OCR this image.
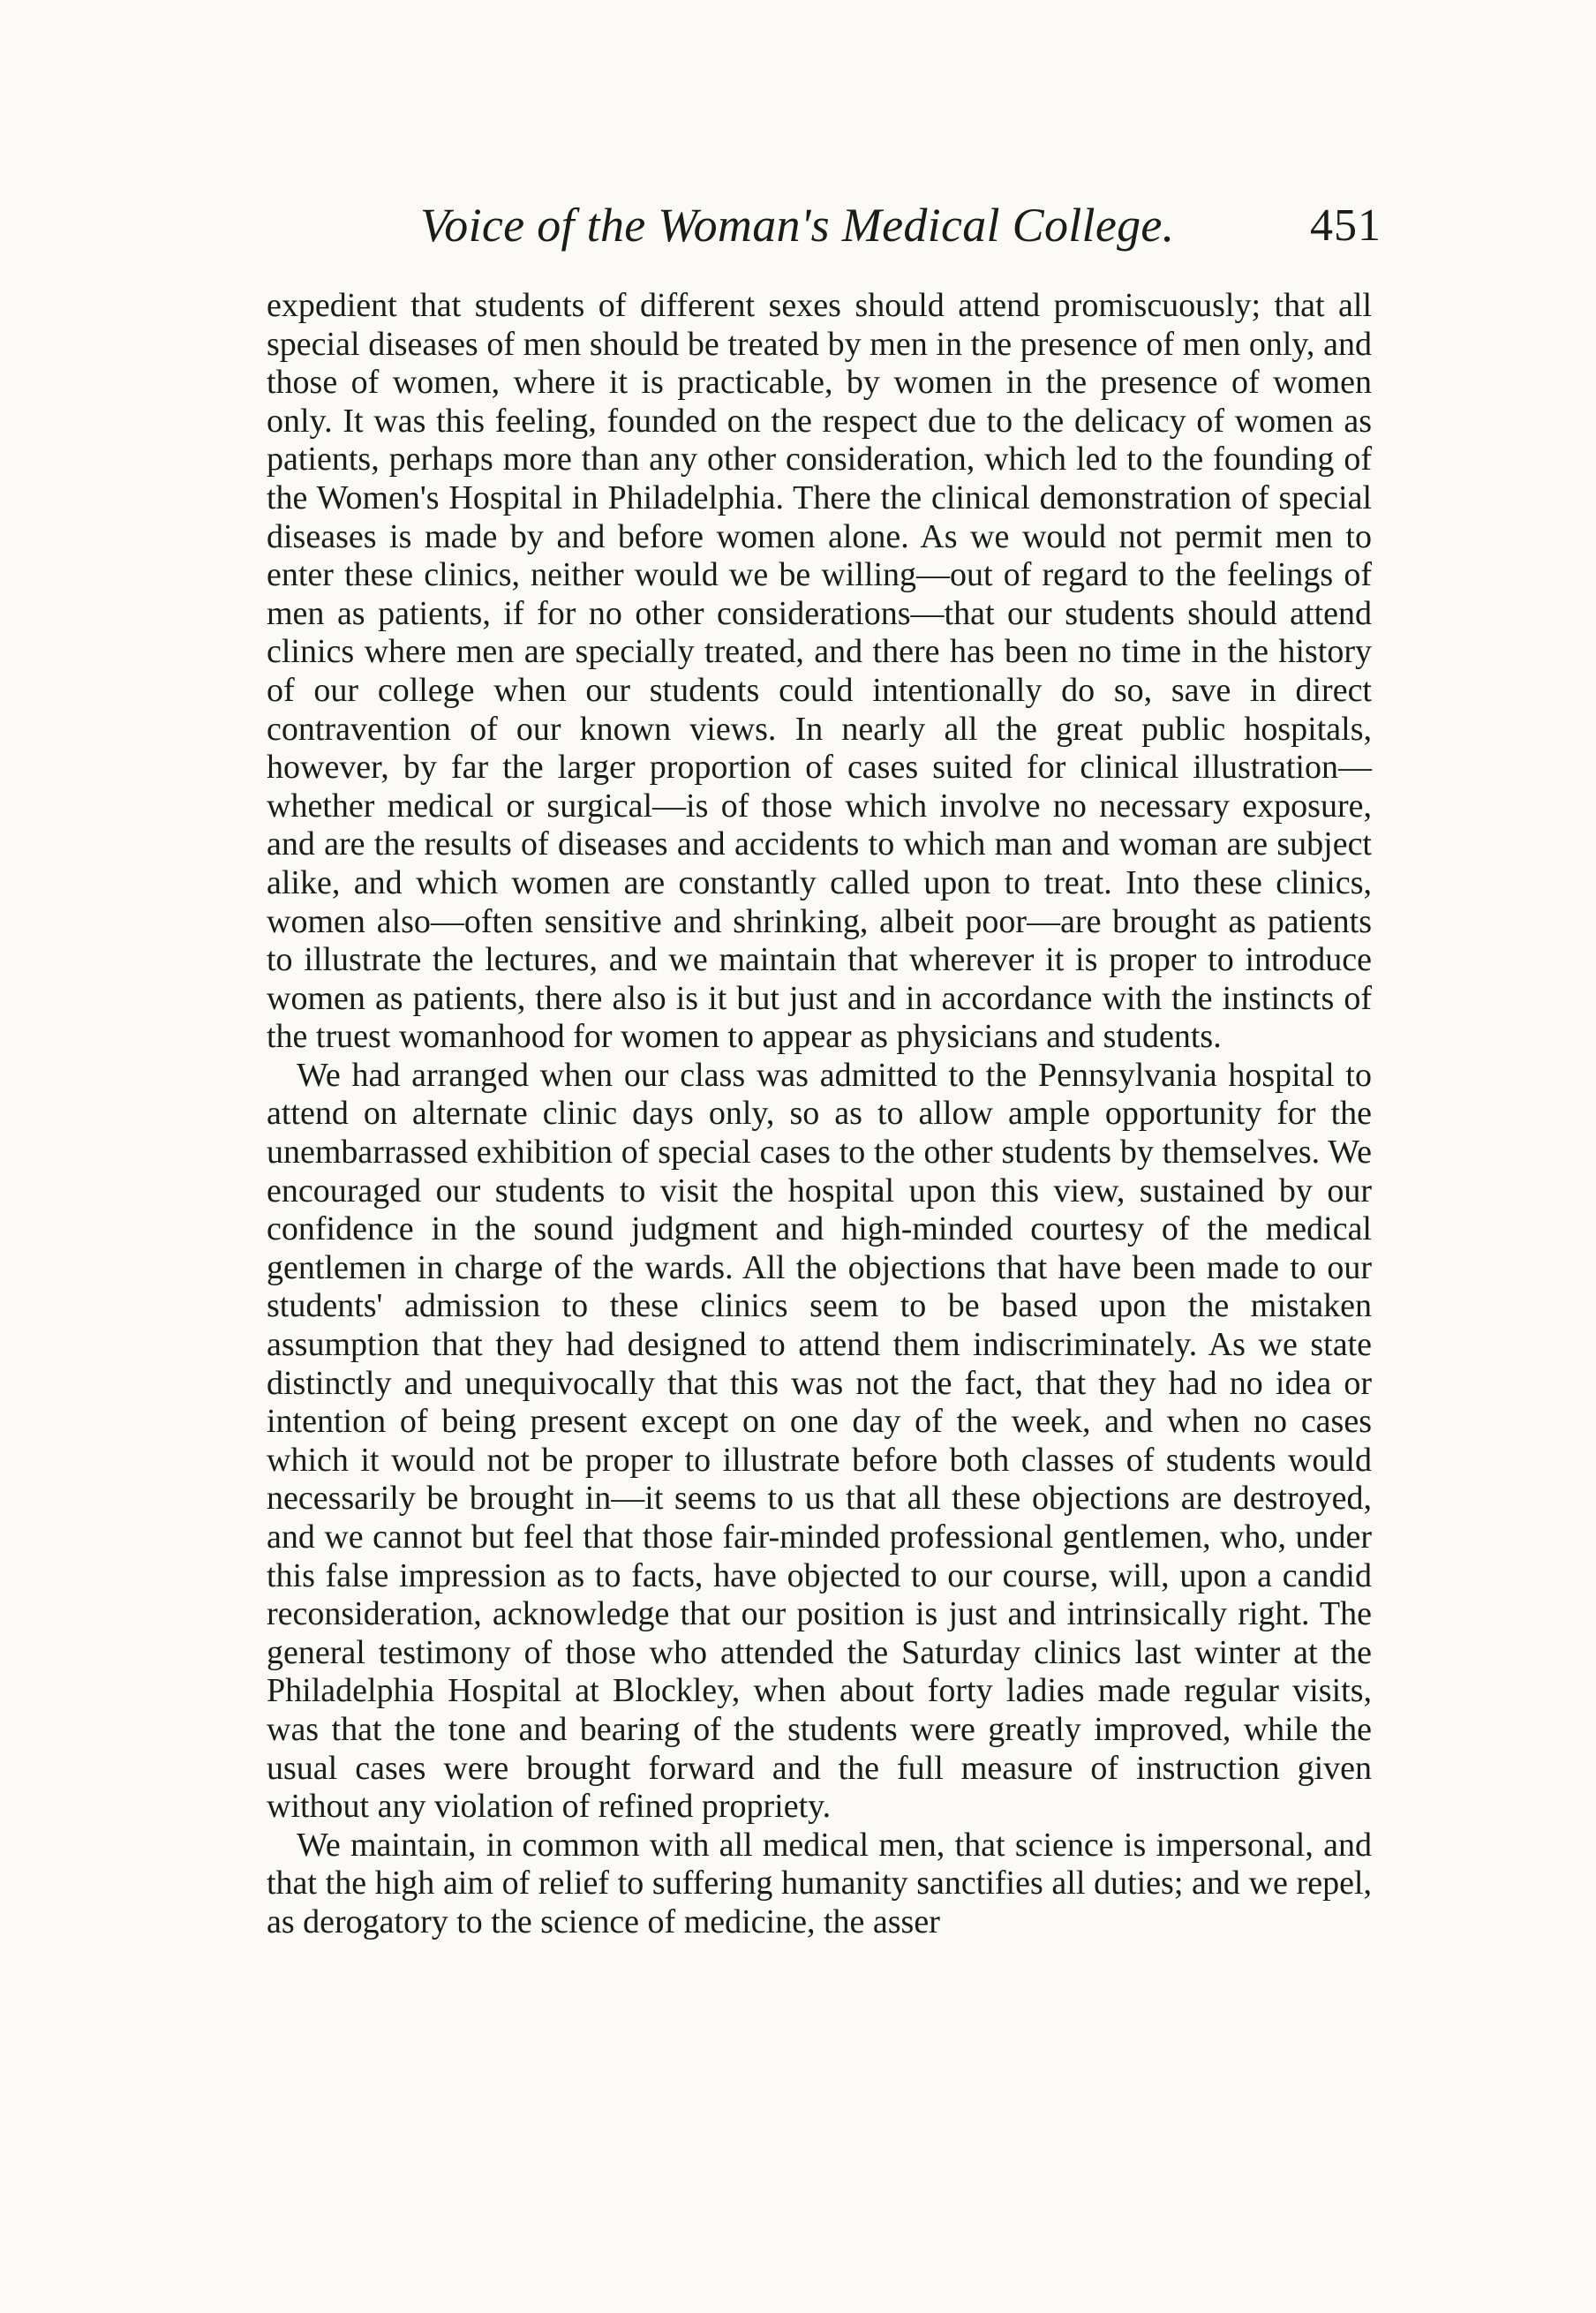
Voice of the Woman's Medical College.	451

expedient that students of different sexes should attend promiscuously; that all special diseases of men should be treated by men in the presence of men only, and those of women, where it is practicable, by women in the presence of women only. It was this feeling, founded on the respect due to the delicacy of women as patients, perhaps more than any other consideration, which led to the founding of the Women's Hospital in Philadelphia. There the clinical demonstration of special diseases is made by and before women alone. As we would not permit men to enter these clinics, neither would we be willing—out of regard to the feelings of men as patients, if for no other considerations—that our students should attend clinics where men are specially treated, and there has been no time in the history of our college when our students could intentionally do so, save in direct contravention of our known views. In nearly all the great public hospitals, however, by far the larger proportion of cases suited for clinical illustration—whether medical or surgical—is of those which involve no necessary exposure, and are the results of diseases and accidents to which man and woman are subject alike, and which women are constantly called upon to treat. Into these clinics, women also—often sensitive and shrinking, albeit poor—are brought as patients to illustrate the lectures, and we maintain that wherever it is proper to introduce women as patients, there also is it but just and in accordance with the instincts of the truest womanhood for women to appear as physicians and students.

We had arranged when our class was admitted to the Pennsylvania hospital to attend on alternate clinic days only, so as to allow ample opportunity for the unembarrassed exhibition of special cases to the other students by themselves. We encouraged our students to visit the hospital upon this view, sustained by our confidence in the sound judgment and high-minded courtesy of the medical gentlemen in charge of the wards. All the objections that have been made to our students' admission to these clinics seem to be based upon the mistaken assumption that they had designed to attend them indiscriminately. As we state distinctly and unequivocally that this was not the fact, that they had no idea or intention of being present except on one day of the week, and when no cases which it would not be proper to illustrate before both classes of students would necessarily be brought in—it seems to us that all these objections are destroyed, and we cannot but feel that those fair-minded professional gentlemen, who, under this false impression as to facts, have objected to our course, will, upon a candid reconsideration, acknowledge that our position is just and intrinsically right. The general testimony of those who attended the Saturday clinics last winter at the Philadelphia Hospital at Blockley, when about forty ladies made regular visits, was that the tone and bearing of the students were greatly improved, while the usual cases were brought forward and the full measure of instruction given without any violation of refined propriety.

We maintain, in common with all medical men, that science is impersonal, and that the high aim of relief to suffering humanity sanctifies all duties; and we repel, as derogatory to the science of medicine, the asser
